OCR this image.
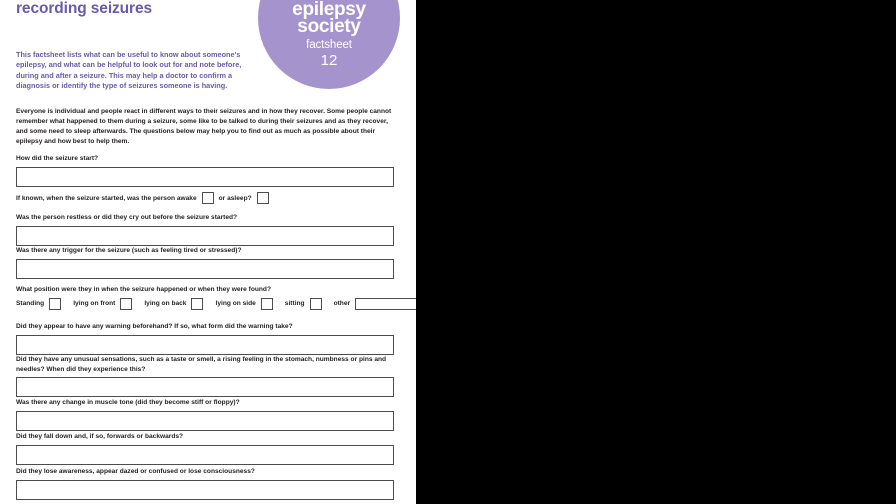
epilepsy
society
factsheet
12
recording seizures
This factsheet lists what can be useful to know about someone's epilepsy, and what can be helpful to look out for and note before, during and after a seizure. This may help a doctor to confirm a diagnosis or identify the type of seizures someone is having.
Everyone is individual and people react in different ways to their seizures and in how they recover. Some people cannot remember what happened to them during a seizure, some like to be talked to during their seizures and as they recover, and some need to sleep afterwards. The questions below may help you to find out as much as possible about their epilepsy and how best to help them.

How did the seizure start?

If known, when the seizure started, was the person awake	or asleep?

Was the person restless or did they cry out before the seizure started?

Was there any trigger for the seizure (such as feeling tired or stressed)?

What position were they in when the seizure happened or when they were found?

Standing	lying on front	lying on back	lying on side	sitting	other

Did they appear to have any warning beforehand? If so, what form did the warning take?

Did they have any unusual sensations, such as a taste or smell, a rising feeling in the stomach, numbness or pins and needles? When did they experience this?

Was there any change in muscle tone (did they become stiff or floppy)?

Did they fall down and, if so, forwards or backwards?

Did they lose awareness, appear dazed or confused or lose consciousness?
